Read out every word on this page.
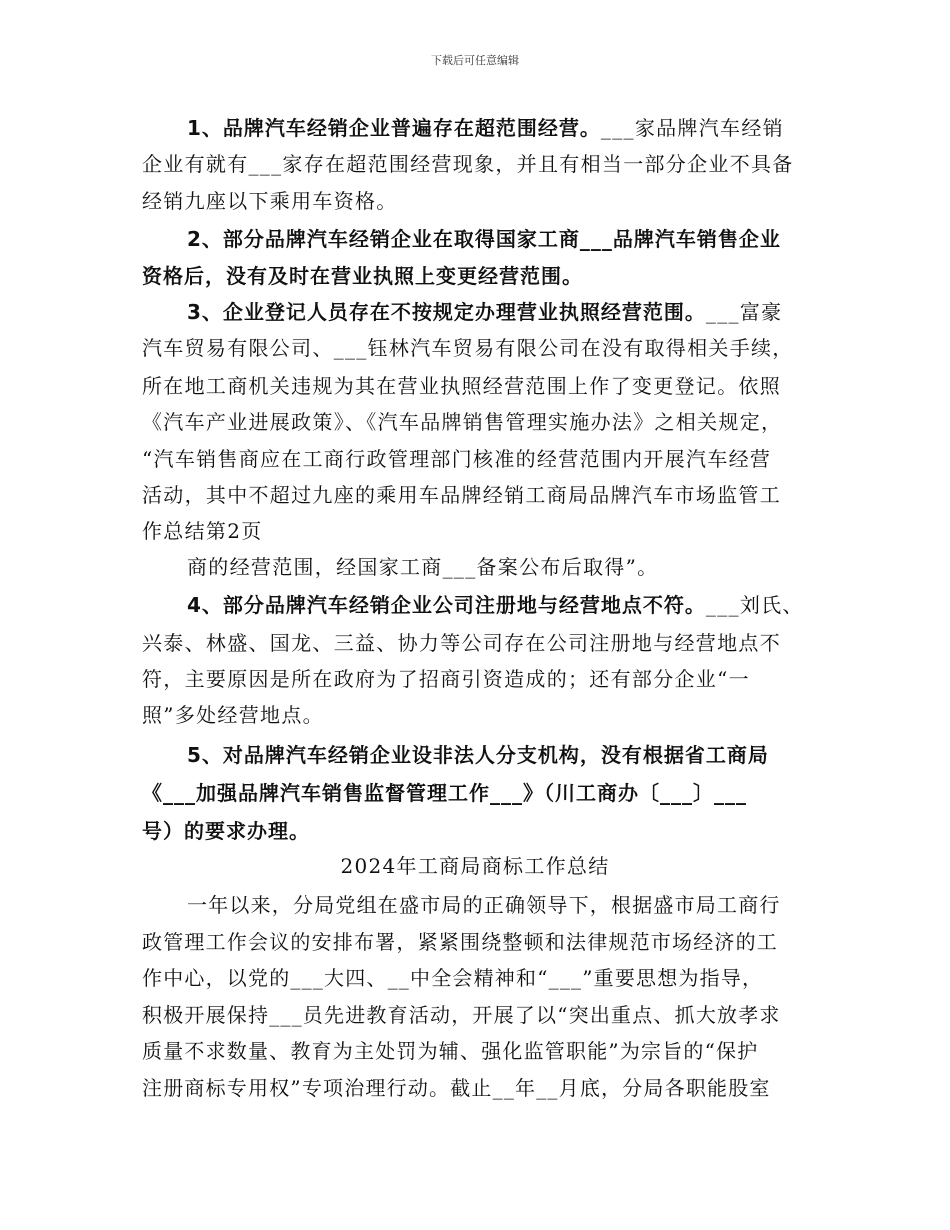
下载后可任意编辑
1、品牌汽车经销企业普遍存在超范围经营。___家品牌汽车经销
企业有就有___家存在超范围经营现象，并且有相当一部分企业不具备
经销九座以下乘用车资格。
2、部分品牌汽车经销企业在取得国家工商___品牌汽车销售企业
资格后，没有及时在营业执照上变更经营范围。
3、企业登记人员存在不按规定办理营业执照经营范围。___富豪
汽车贸易有限公司、___钰林汽车贸易有限公司在没有取得相关手续，
所在地工商机关违规为其在营业执照经营范围上作了变更登记。依照
《汽车产业进展政策》、《汽车品牌销售管理实施办法》之相关规定，
“汽车销售商应在工商行政管理部门核准的经营范围内开展汽车经营
活动，其中不超过九座的乘用车品牌经销工商局品牌汽车市场监管工
作总结第2页
商的经营范围，经国家工商___备案公布后取得”。
4、部分品牌汽车经销企业公司注册地与经营地点不符。___刘氏、
兴泰、林盛、国龙、三益、协力等公司存在公司注册地与经营地点不
符，主要原因是所在政府为了招商引资造成的；还有部分企业“一
照”多处经营地点。
5、对品牌汽车经销企业设非法人分支机构，没有根据省工商局
《___加强品牌汽车销售监督管理工作___》（川工商办〔___〕___
号）的要求办理。
2024年工商局商标工作总结
一年以来，分局党组在盛市局的正确领导下，根据盛市局工商行
政管理工作会议的安排布署，紧紧围绕整顿和法律规范市场经济的工
作中心，以党的___大四、__中全会精神和“___”重要思想为指导，
积极开展保持___员先进教育活动，开展了以“突出重点、抓大放孝求
质量不求数量、教育为主处罚为辅、强化监管职能”为宗旨的“保护
注册商标专用权”专项治理行动。截止__年__月底，分局各职能股室
